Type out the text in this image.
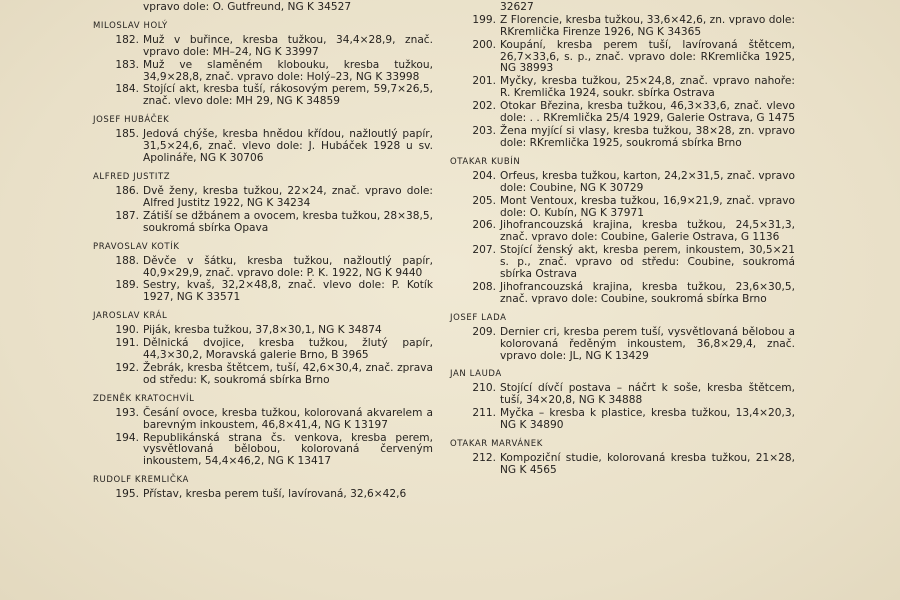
vpravo dole: O. Gutfreund, NG K 34527
MILOSLAV HOLÝ
182. Muž v buřince, kresba tužkou, 34,4×28,9, znač. vpravo dole: MH–24, NG K 33997
183. Muž ve slaměném klobouku, kresba tužkou, 34,9×28,8, znač. vpravo dole: Holý–23, NG K 33998
184. Stojící akt, kresba tuší, rákosovým perem, 59,7×26,5, znač. vlevo dole: MH 29, NG K 34859
JOSEF HUBÁČEK
185. Jedová chýše, kresba hnědou křídou, nažloutlý papír, 31,5×24,6, znač. vlevo dole: J. Hubáček 1928 u sv. Apolináře, NG K 30706
ALFRED JUSTITZ
186. Dvě ženy, kresba tužkou, 22×24, znač. vpravo dole: Alfred Justitz 1922, NG K 34234
187. Zátiší se džbánem a ovocem, kresba tužkou, 28×38,5, soukromá sbírka Opava
PRAVOSLAV KOTÍK
188. Děvče v šátku, kresba tužkou, nažloutlý papír, 40,9×29,9, znač. vpravo dole: P. K. 1922, NG K 9440
189. Sestry, kvaš, 32,2×48,8, znač. vlevo dole: P. Kotík 1927, NG K 33571
JAROSLAV KRÁL
190. Piják, kresba tužkou, 37,8×30,1, NG K 34874
191. Dělnická dvojice, kresba tužkou, žlutý papír, 44,3×30,2, Moravská galerie Brno, B 3965
192. Žebrák, kresba štětcem, tuší, 42,6×30,4, znač. zprava od středu: K, soukromá sbírka Brno
ZDENĚK KRATOCHVÍL
193. Česání ovoce, kresba tužkou, kolorovaná akvarelem a barevným inkoustem, 46,8×41,4, NG K 13197
194. Republikánská strana čs. venkova, kresba perem, vysvětlovaná bělobou, kolorovaná červeným inkoustem, 54,4×46,2, NG K 13417
RUDOLF KREMLIČKA
195. Přístav, kresba perem tuší, lavírovaná, 32,6×42,6
32627
199. Z Florencie, kresba tužkou, 33,6×42,6, zn. vpravo dole: RKremlička Firenze 1926, NG K 34365
200. Koupání, kresba perem tuší, lavírovaná štětcem, 26,7×33,6, s. p., znač. vpravo dole: RKremlička 1925, NG 38993
201. Myčky, kresba tužkou, 25×24,8, znač. vpravo nahoře: R. Kremlička 1924, soukr. sbírka Ostrava
202. Otokar Březina, kresba tužkou, 46,3×33,6, znač. vlevo dole: . . RKremlička 25/4 1929, Galerie Ostrava, G 1475
203. Žena myjící si vlasy, kresba tužkou, 38×28, zn. vpravo dole: RKremlička 1925, soukromá sbírka Brno
OTAKAR KUBÍN
204. Orfeus, kresba tužkou, karton, 24,2×31,5, znač. vpravo dole: Coubine, NG K 30729
205. Mont Ventoux, kresba tužkou, 16,9×21,9, znač. vpravo dole: O. Kubín, NG K 37971
206. Jihofrancouzská krajina, kresba tužkou, 24,5×31,3, znač. vpravo dole: Coubine, Galerie Ostrava, G 1136
207. Stojící ženský akt, kresba perem, inkoustem, 30,5×21 s. p., znač. vpravo od středu: Coubine, soukromá sbírka Ostrava
208. Jihofrancouzská krajina, kresba tužkou, 23,6×30,5, znač. vpravo dole: Coubine, soukromá sbírka Brno
JOSEF LADA
209. Dernier cri, kresba perem tuší, vysvětlovaná bělobou a kolorovaná ředěným inkoustem, 36,8×29,4, znač. vpravo dole: JL, NG K 13429
JAN LAUDA
210. Stojící dívčí postava – náčrt k soše, kresba štětcem, tuší, 34×20,8, NG K 34888
211. Myčka – kresba k plastice, kresba tužkou, 13,4×20,3, NG K 34890
OTAKAR MARVÁNEK
212. Kompoziční studie, kolorovaná kresba tužkou, 21×28, NG K 4565
